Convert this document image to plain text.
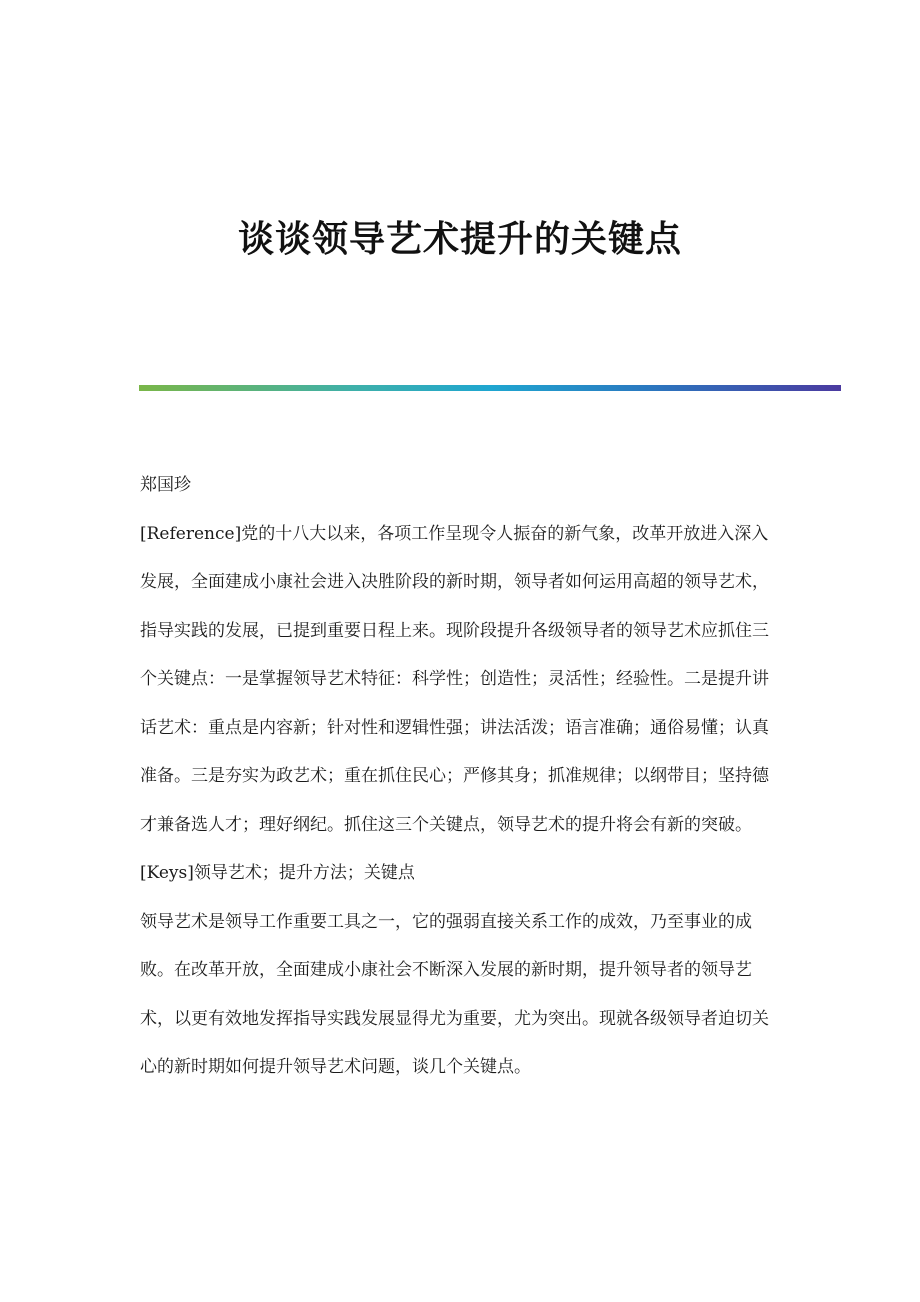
谈谈领导艺术提升的关键点

郑国珍

[Reference]党的十八大以来，各项工作呈现令人振奋的新气象，改革开放进入深入发展，全面建成小康社会进入决胜阶段的新时期，领导者如何运用高超的领导艺术，指导实践的发展，已提到重要日程上来。现阶段提升各级领导者的领导艺术应抓住三个关键点：一是掌握领导艺术特征：科学性；创造性；灵活性；经验性。二是提升讲话艺术：重点是内容新；针对性和逻辑性强；讲法活泼；语言准确；通俗易懂；认真准备。三是夯实为政艺术；重在抓住民心；严修其身；抓准规律；以纲带目；坚持德才兼备选人才；理好纲纪。抓住这三个关键点，领导艺术的提升将会有新的突破。

[Keys]领导艺术；提升方法；关键点

领导艺术是领导工作重要工具之一，它的强弱直接关系工作的成效，乃至事业的成败。在改革开放，全面建成小康社会不断深入发展的新时期，提升领导者的领导艺术，以更有效地发挥指导实践发展显得尤为重要，尤为突出。现就各级领导者迫切关心的新时期如何提升领导艺术问题，谈几个关键点。
